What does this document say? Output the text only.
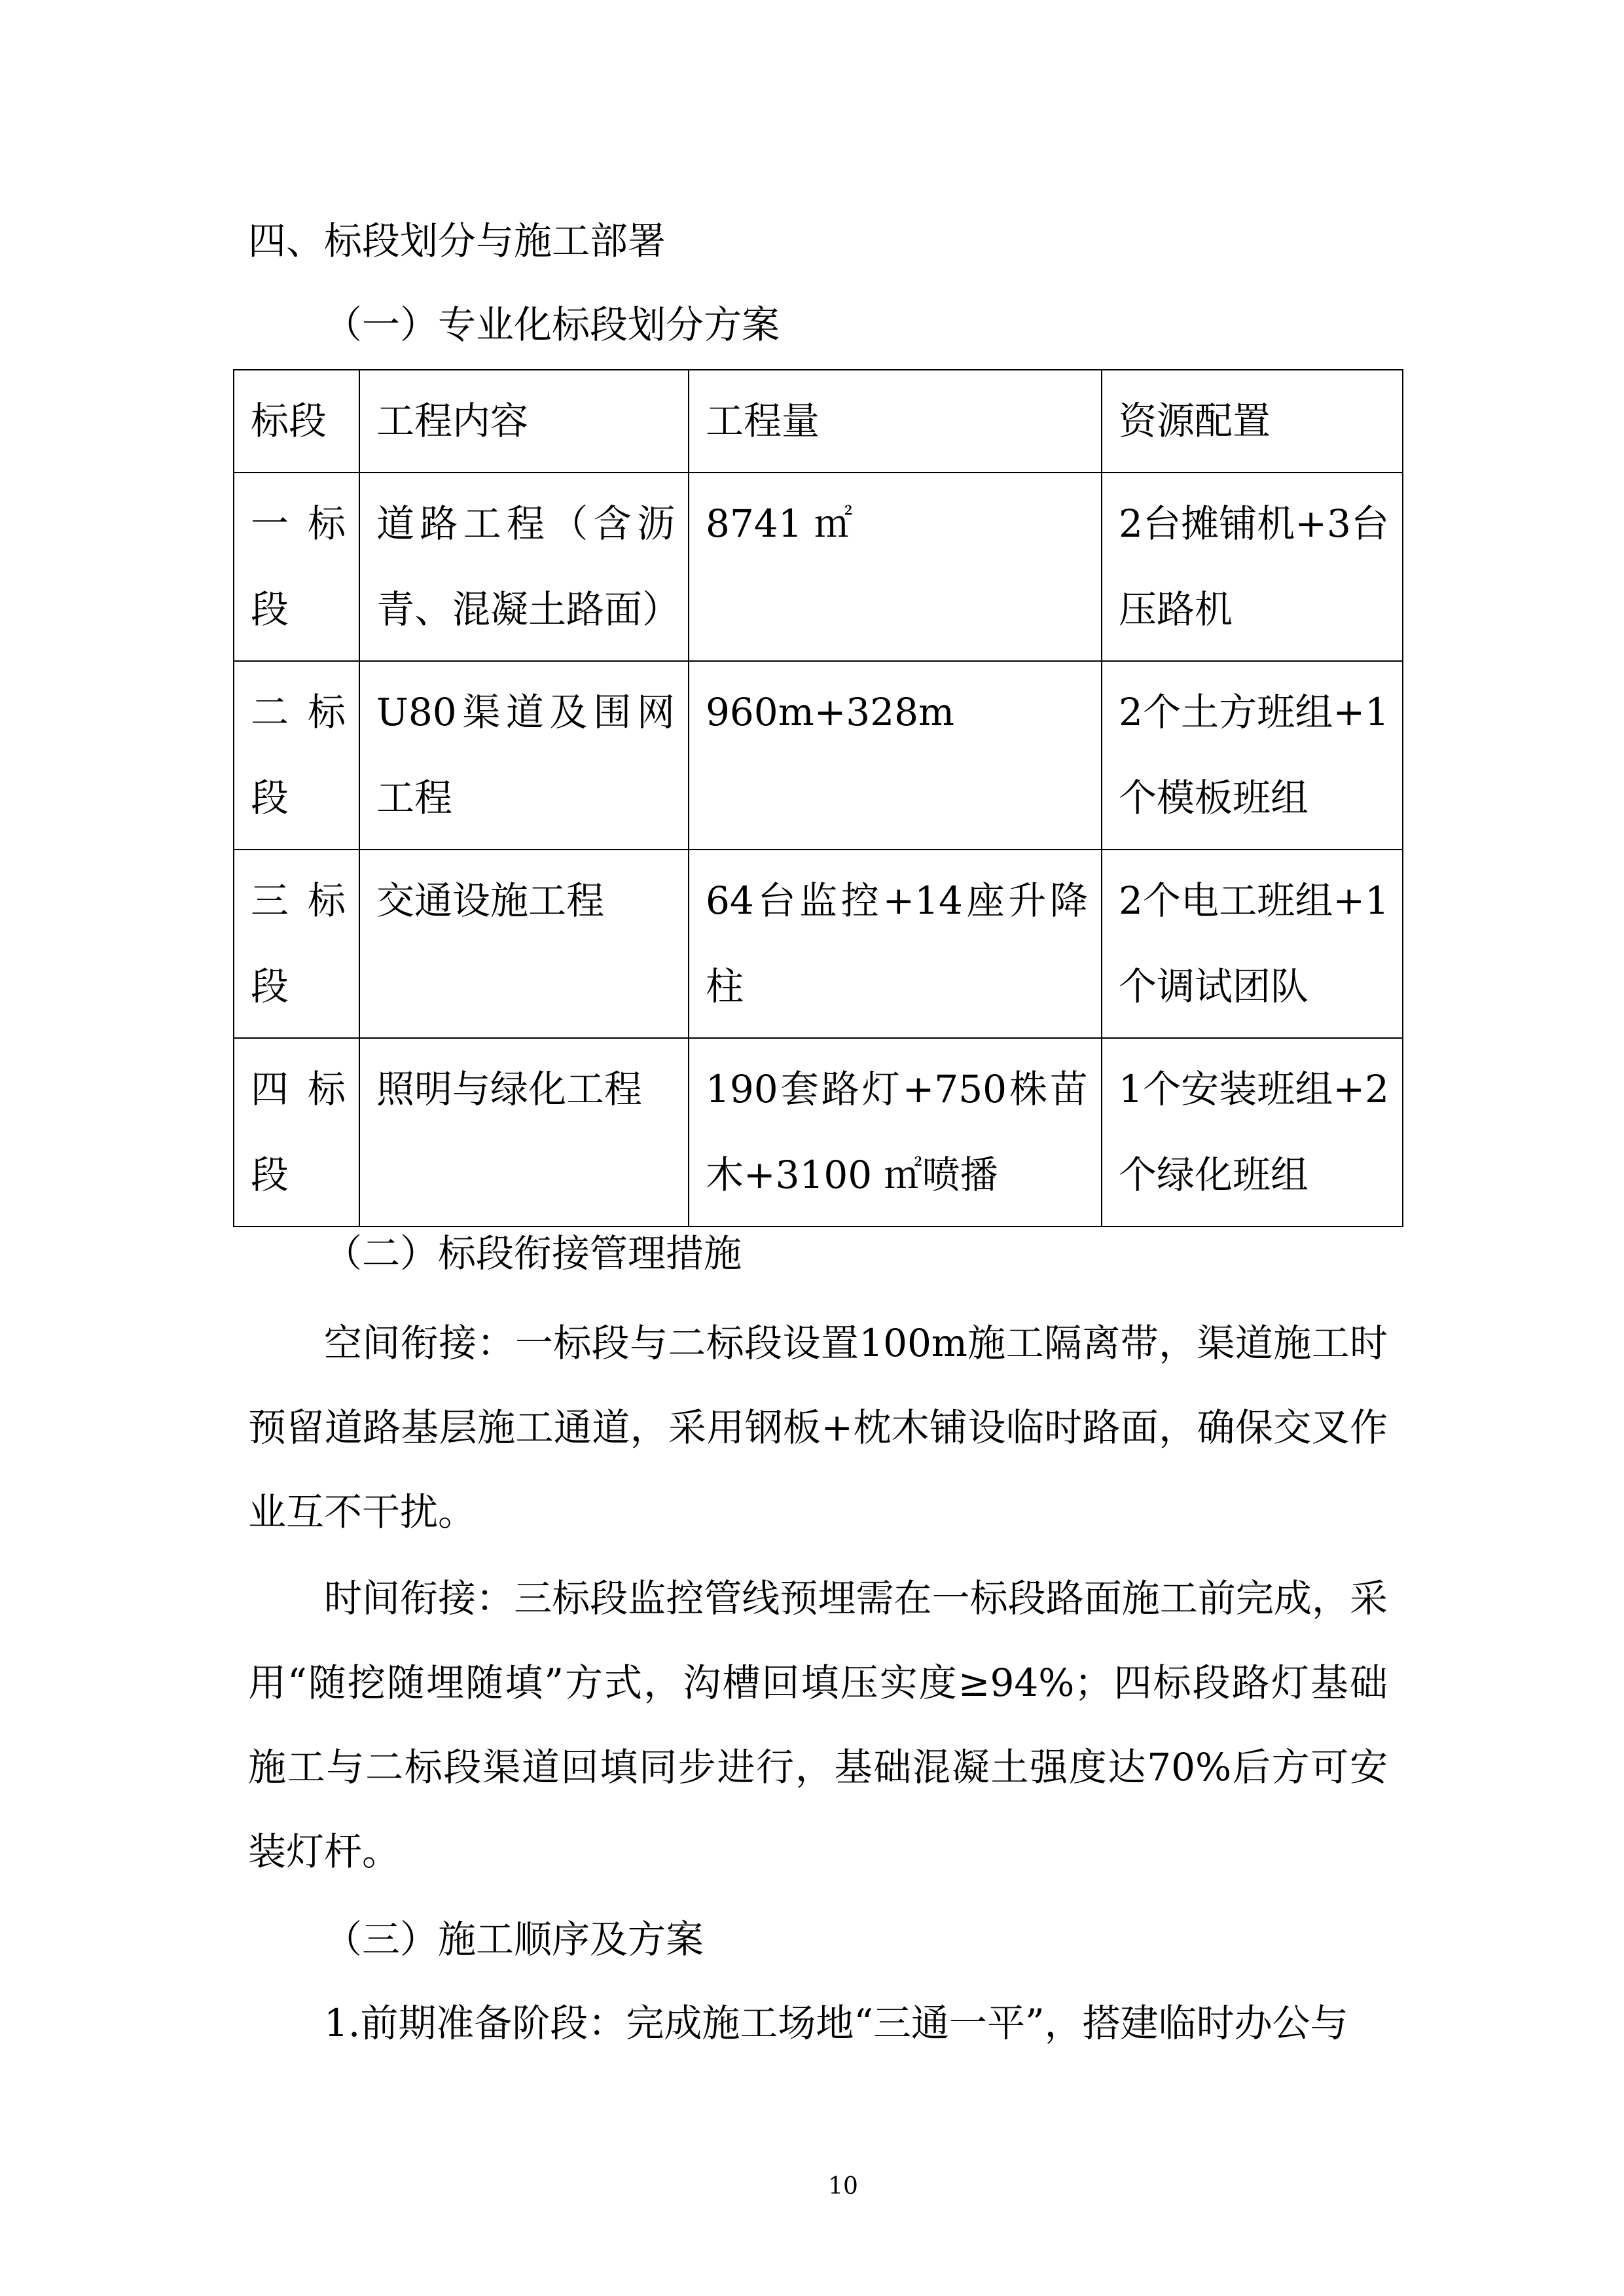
四、标段划分与施工部署
（一）专业化标段划分方案
标段	工程内容	工程量	资源配置
一标段	道路工程（含沥青、混凝土路面）	8741 ㎡	2台摊铺机+3台压路机
二标段	U80渠道及围网工程	960m+328m	2个土方班组+1个模板班组
三标段	交通设施工程	64台监控+14座升降柱	2个电工班组+1个调试团队
四标段	照明与绿化工程	190套路灯+750株苗木+3100 ㎡喷播	1个安装班组+2个绿化班组
（二）标段衔接管理措施
空间衔接：一标段与二标段设置100m施工隔离带，渠道施工时预留道路基层施工通道，采用钢板+枕木铺设临时路面，确保交叉作业互不干扰。
时间衔接：三标段监控管线预埋需在一标段路面施工前完成，采用“随挖随埋随填”方式，沟槽回填压实度≥94%；四标段路灯基础施工与二标段渠道回填同步进行，基础混凝土强度达70%后方可安装灯杆。
（三）施工顺序及方案
1.前期准备阶段：完成施工场地“三通一平”，搭建临时办公与
10
